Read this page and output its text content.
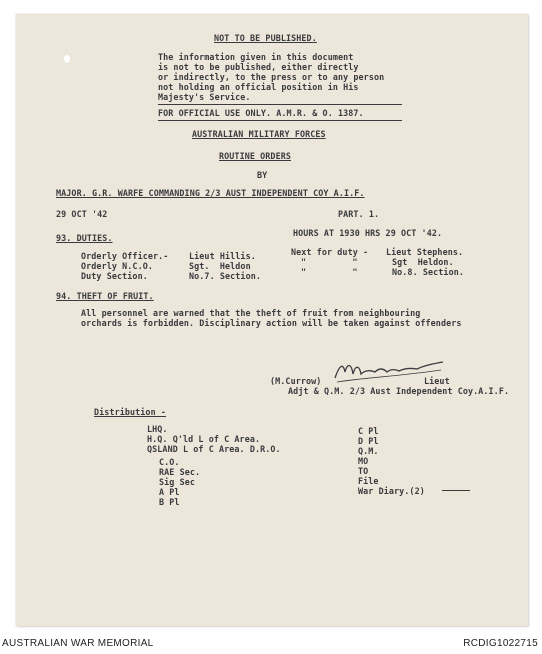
NOT TO BE PUBLISHED.
The information given in this document
is not to be published, either directly
or indirectly, to the press or to any person
not holding an official position in His
Majesty's Service.
FOR OFFICIAL USE ONLY. A.M.R. & O. 1387.
AUSTRALIAN MILITARY FORCES
ROUTINE ORDERS
BY
MAJOR. G.R. WARFE COMMANDING 2/3 AUST INDEPENDENT COY A.I.F.
29 OCT '42	PART. 1.
HOURS AT 1930 HRS 29 OCT '42.
93. DUTIES.
Orderly Officer.- Lieut Hillis.	Next for duty - Lieut Stephens.
Orderly N.C.O.	Sgt.  Heldon	"         "	Sgt  Heldon.
Duty Section.	No.7. Section.	"         "	No.8. Section.
94. THEFT OF FRUIT.
All personnel are warned that the theft of fruit from neighbouring
orchards is forbidden. Disciplinary action will be taken against offenders
(M.Currow)	Lieut
Adjt & Q.M. 2/3 Aust Independent Coy.A.I.F.
Distribution -
LHQ.
H.Q. Q'ld L of C Area.
QSLAND L of C Area. D.R.O.
C.O.
RAE Sec.
Sig Sec
A Pl
B Pl
C Pl
D Pl
Q.M.
MO
TO
File
War Diary.(2)
AUSTRALIAN WAR MEMORIAL	RCDIG1022715
